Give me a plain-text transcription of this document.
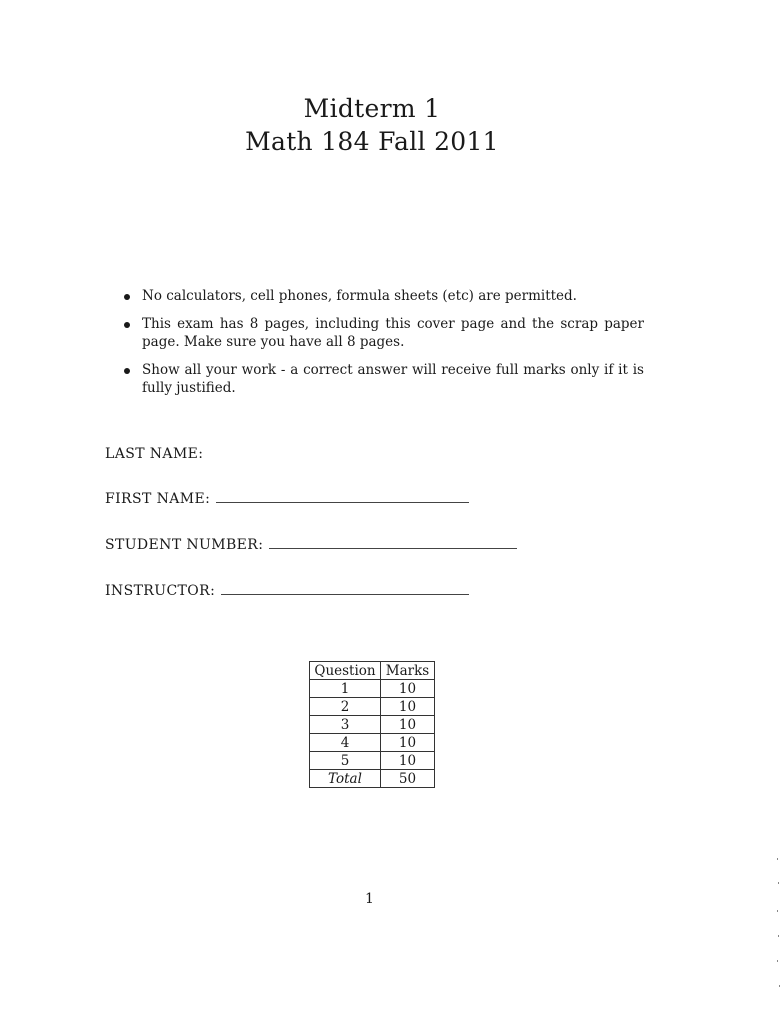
Midterm 1
Math 184 Fall 2011
No calculators, cell phones, formula sheets (etc) are permitted.
This exam has 8 pages, including this cover page and the scrap paper page. Make sure you have all 8 pages.
Show all your work - a correct answer will receive full marks only if it is fully justified.
LAST NAME:
FIRST NAME:
STUDENT NUMBER:
INSTRUCTOR:
Question	Marks
1	10
2	10
3	10
4	10
5	10
Total	50
1
